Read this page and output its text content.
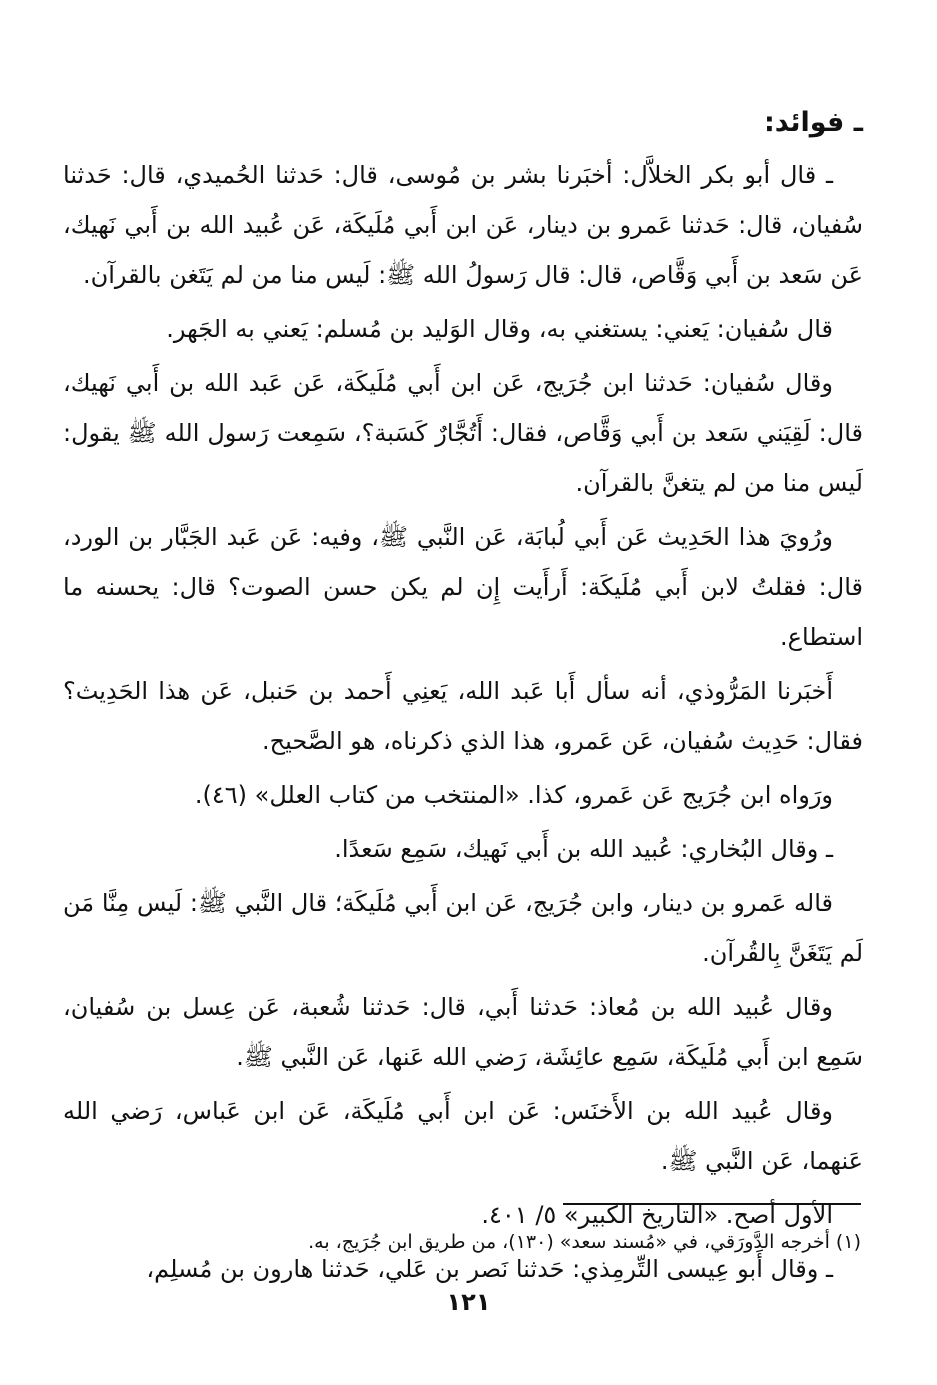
ـ فوائد:

ـ قال أبو بكر الخلاَّل: أخبَرنا بشر بن مُوسى، قال: حَدثنا الحُميدي، قال: حَدثنا سُفيان، قال: حَدثنا عَمرو بن دينار، عَن ابن أَبي مُلَيكَة، عَن عُبيد الله بن أَبي نَهيك، عَن سَعد بن أَبي وَقَّاص، قال: قال رَسولُ الله ﷺ: لَيس منا من لم يَتَغن بالقرآن.

قال سُفيان: يَعني: يستغني به، وقال الوَليد بن مُسلم: يَعني به الجَهر.

وقال سُفيان: حَدثنا ابن جُرَيج، عَن ابن أَبي مُلَيكَة، عَن عَبد الله بن أَبي نَهيك، قال: لَقِيَني سَعد بن أَبي وَقَّاص، فقال: أَتُجَّارٌ كَسَبة؟، سَمِعت رَسول الله ﷺ يقول: لَيس منا من لم يتغنَّ بالقرآن.

ورُويَ هذا الحَدِيث عَن أَبي لُبابَة، عَن النَّبي ﷺ، وفيه: عَن عَبد الجَبَّار بن الورد، قال: فقلتُ لابن أَبي مُلَيكَة: أَرأَيت إِن لم يكن حسن الصوت؟ قال: يحسنه ما استطاع.

أَخبَرنا المَرُّوذي، أنه سأل أَبا عَبد الله، يَعنِي أَحمد بن حَنبل، عَن هذا الحَدِيث؟ فقال: حَدِيث سُفيان، عَن عَمرو، هذا الذي ذكرناه، هو الصَّحيح.

ورَواه ابن جُرَيج عَن عَمرو، كذا. «المنتخب من كتاب العلل» (٤٦).

ـ وقال البُخاري: عُبيد الله بن أَبي نَهيك، سَمِع سَعدًا.

قاله عَمرو بن دينار، وابن جُرَيج، عَن ابن أَبي مُلَيكَة؛ قال النَّبي ﷺ: لَيس مِنَّا مَن لَم يَتَغَنَّ بِالقُرآن.

وقال عُبيد الله بن مُعاذ: حَدثنا أَبي، قال: حَدثنا شُعبة، عَن عِسل بن سُفيان، سَمِع ابن أَبي مُلَيكَة، سَمِع عائِشَة، رَضي الله عَنها، عَن النَّبي ﷺ.

وقال عُبيد الله بن الأَخنَس: عَن ابن أَبي مُلَيكَة، عَن ابن عَباس، رَضي الله عَنهما، عَن النَّبي ﷺ.

الأول أصح. «التاريخ الكبير» ٥/ ٤٠١.

ـ وقال أَبو عِيسى التِّرمِذي: حَدثنا نَصر بن عَلي، حَدثنا هارون بن مُسلِم،

(١) أخرجه الدَّورَقي، في «مُسند سعد» (١٣٠)، من طريق ابن جُرَيج، به.

١٢١
